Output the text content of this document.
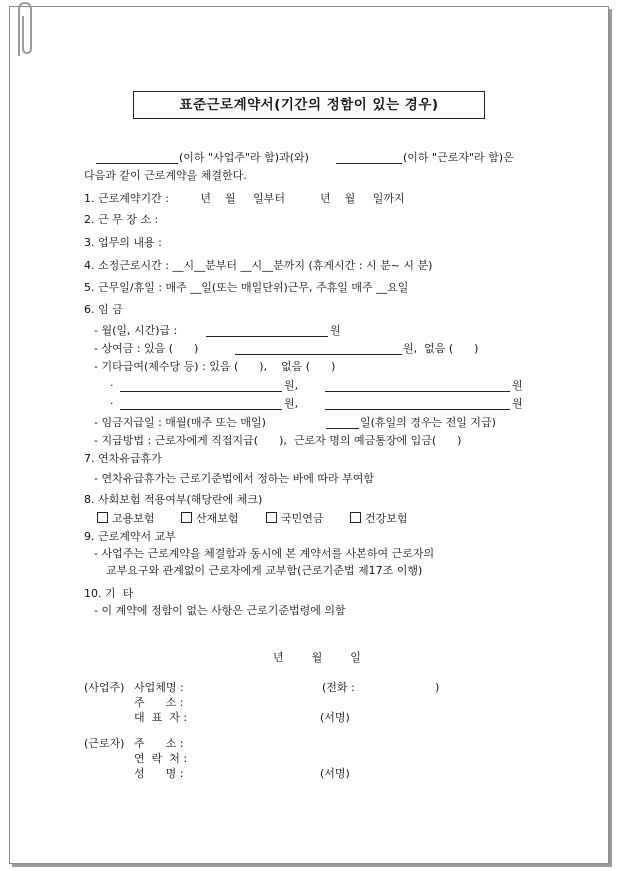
표준근로계약서(기간의 정함이 있는 경우)
(이하 "사업주"라 함)과(와)	(이하 "근로자"라 함)은
다음과 같이 근로계약을 체결한다.
1. 근로계약기간 :         년    월     일부터          년    월     일까지
2. 근 무 장 소 :
3. 업무의 내용 :
4. 소정근로시간 : __시__분부터 __시__분까지 (휴게시간 : 시 분~ 시 분)
5. 근무일/휴일 : 매주 __일(또는 매일단위)근무, 주휴일 매주 __요일
6. 임 금
- 월(일, 시간)급 :	원
- 상여금 : 있음 (      )	원,  없음 (      )
- 기타급여(제수당 등) : 있음 (      ),    없음 (      )
·	원,	원
·	원,	원
- 임금지급일 : 매월(매주 또는 매일)	일(휴일의 경우는 전일 지급)
- 지급방법 : 근로자에게 직접지급(      ),  근로자 명의 예금통장에 입금(      )
7. 연차유급휴가
- 연차유급휴가는 근로기준법에서 정하는 바에 따라 부여함
8. 사회보험 적용여부(해당란에 체크)
고용보험	산재보험	국민연금	건강보험
9. 근로계약서 교부
- 사업주는 근로계약을 체결함과 동시에 본 계약서를 사본하여 근로자의
교부요구와 관계없이 근로자에게 교부함(근로기준법 제17조 이행)
10. 기  타
- 이 계약에 정함이 없는 사항은 근로기준법령에 의함
년        월        일
(사업주) 사업체명 :	(전화 :                       )
주      소 :
대  표  자 :	(서명)
(근로자) 주      소 :
연  락  처 :
성      명 :	(서명)
